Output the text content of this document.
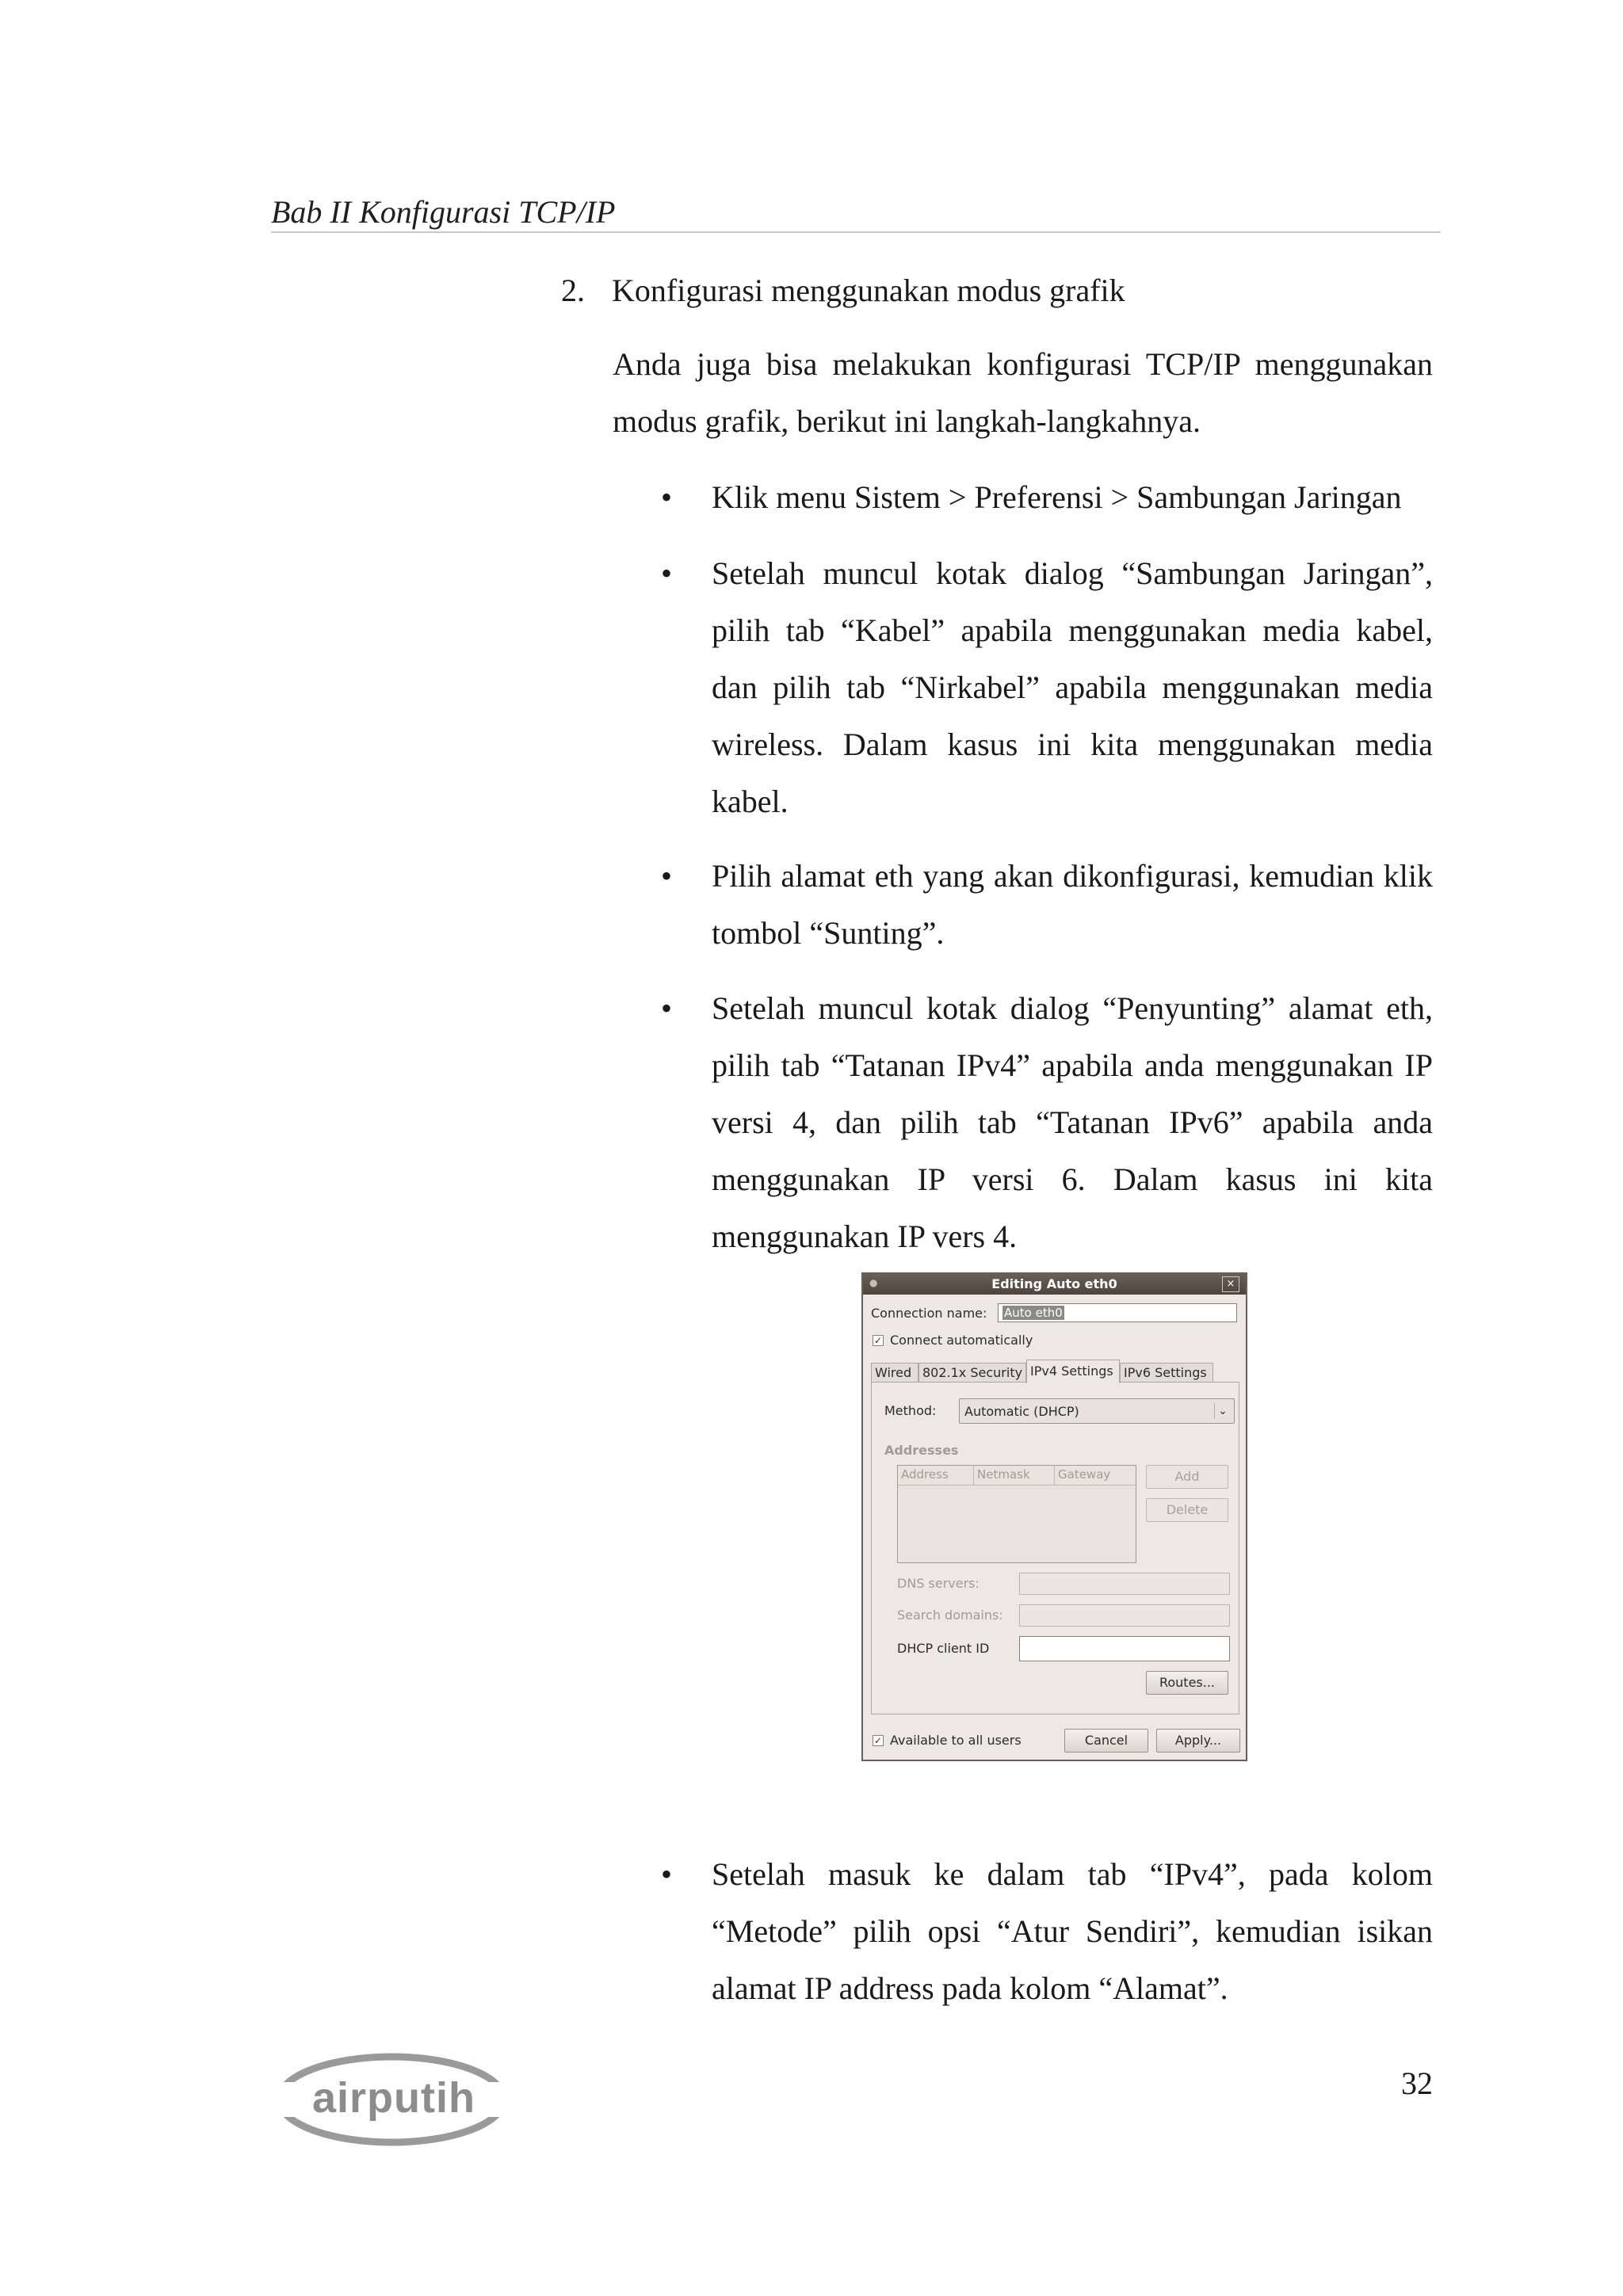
Bab II Konfigurasi TCP/IP
2. Konfigurasi menggunakan modus grafik
Anda juga bisa melakukan konfigurasi TCP/IP menggunakan modus grafik, berikut ini langkah-langkahnya.
• Klik menu Sistem > Preferensi > Sambungan Jaringan
• Setelah muncul kotak dialog “Sambungan Jaringan”, pilih tab “Kabel” apabila menggunakan media kabel, dan pilih tab “Nirkabel” apabila menggunakan media wireless. Dalam kasus ini kita menggunakan media kabel.
• Pilih alamat eth yang akan dikonfigurasi, kemudian klik tombol “Sunting”.
• Setelah muncul kotak dialog “Penyunting” alamat eth, pilih tab “Tatanan IPv4” apabila anda menggunakan IP versi 4, dan pilih tab “Tatanan IPv6” apabila anda menggunakan IP versi 6. Dalam kasus ini kita menggunakan IP vers 4.
●	Editing Auto eth0	×
Connection name: Auto eth0
✓ Connect automatically
Wired 802.1x Security IPv4 Settings IPv6 Settings
Method: Automatic (DHCP)	⌄
Addresses
Address	Netmask	Gateway	Add
Delete
DNS servers:
Search domains:
DHCP client ID
Routes...
✓ Available to all users	Cancel	Apply...
• Setelah masuk ke dalam tab “IPv4”, pada kolom “Metode” pilih opsi “Atur Sendiri”, kemudian isikan alamat IP address pada kolom “Alamat”.
airputih	32
